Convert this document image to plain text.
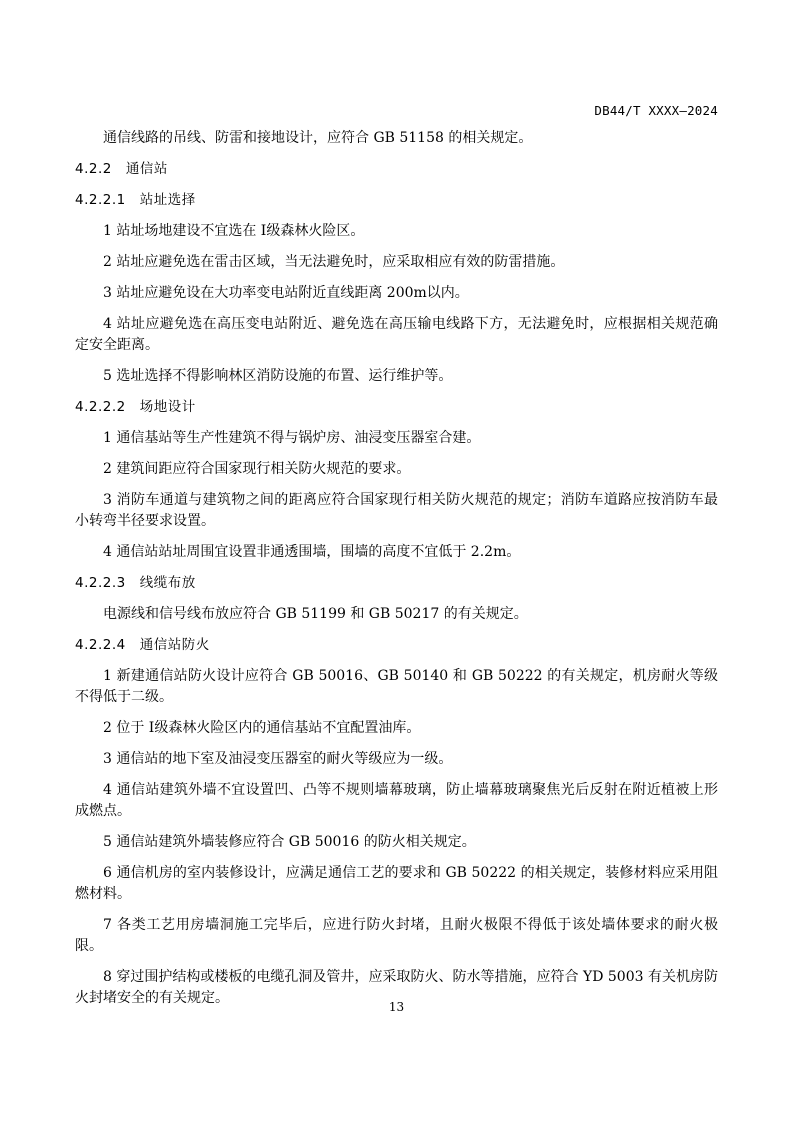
DB44/T XXXX—2024

通信线路的吊线、防雷和接地设计，应符合 GB 51158 的相关规定。

4.2.2 通信站
4.2.2.1 站址选择

1 站址场地建设不宜选在 I级森林火险区。

2 站址应避免选在雷击区域，当无法避免时，应采取相应有效的防雷措施。

3 站址应避免设在大功率变电站附近直线距离 200m以内。

4 站址应避免选在高压变电站附近、避免选在高压输电线路下方，无法避免时，应根据相关规范确定安全距离。

5 选址选择不得影响林区消防设施的布置、运行维护等。

4.2.2.2 场地设计

1 通信基站等生产性建筑不得与锅炉房、油浸变压器室合建。

2 建筑间距应符合国家现行相关防火规范的要求。

3 消防车通道与建筑物之间的距离应符合国家现行相关防火规范的规定；消防车道路应按消防车最小转弯半径要求设置。

4 通信站站址周围宜设置非通透围墙，围墙的高度不宜低于 2.2m。

4.2.2.3 线缆布放

电源线和信号线布放应符合 GB 51199 和 GB 50217 的有关规定。

4.2.2.4 通信站防火

1 新建通信站防火设计应符合 GB 50016、GB 50140 和 GB 50222 的有关规定，机房耐火等级不得低于二级。

2 位于 I级森林火险区内的通信基站不宜配置油库。

3 通信站的地下室及油浸变压器室的耐火等级应为一级。

4 通信站建筑外墙不宜设置凹、凸等不规则墙幕玻璃，防止墙幕玻璃聚焦光后反射在附近植被上形成燃点。

5 通信站建筑外墙装修应符合 GB 50016 的防火相关规定。

6 通信机房的室内装修设计，应满足通信工艺的要求和 GB 50222 的相关规定，装修材料应采用阻燃材料。

7 各类工艺用房墙洞施工完毕后，应进行防火封堵，且耐火极限不得低于该处墙体要求的耐火极限。

8 穿过围护结构或楼板的电缆孔洞及管井，应采取防火、防水等措施，应符合 YD 5003 有关机房防火封堵安全的有关规定。

13
